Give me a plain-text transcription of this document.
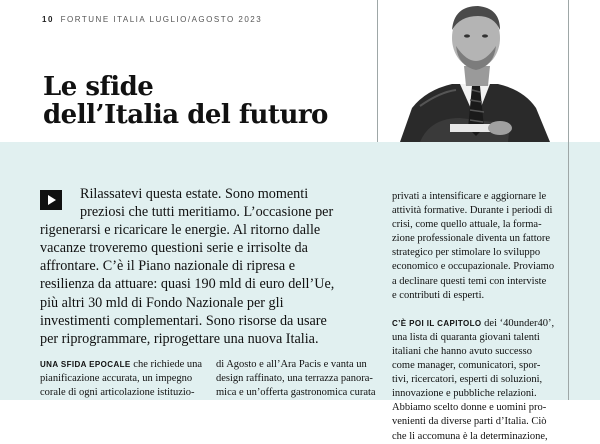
10 FORTUNE ITALIA LUGLIO/AGOSTO 2023
Le sfide
dell’Italia del futuro
Rilassatevi questa estate. Sono momenti
preziosi che tutti meritiamo. L’occasione per
rigenerarsi e ricaricare le energie. Al ritorno dalle
vacanze troveremo questioni serie e irrisolte da
affrontare. C’è il Piano nazionale di ripresa e
resilienza da attuare: quasi 190 mld di euro dell’Ue,
più altri 30 mld di Fondo Nazionale per gli
investimenti complementari. Sono risorse da usare
per riprogrammare, riprogettare una nuova Italia.
UNA SFIDA EPOCALE che richiede una
pianificazione accurata, un impegno
corale di ogni articolazione istituzio-
di Agosto e all’Ara Pacis e vanta un
design raffinato, una terrazza panora-
mica e un’offerta gastronomica curata
privati a intensificare e aggiornare le
attività formative. Durante i periodi di
crisi, come quello attuale, la forma-
zione professionale diventa un fattore
strategico per stimolare lo sviluppo
economico e occupazionale. Proviamo
a declinare questi temi con interviste
e contributi di esperti.
C’È POI IL CAPITOLO dei ‘40under40’,
una lista di quaranta giovani talenti
italiani che hanno avuto successo
come manager, comunicatori, spor-
tivi, ricercatori, esperti di soluzioni,
innovazione e pubbliche relazioni.
Abbiamo scelto donne e uomini pro-
venienti da diverse parti d’Italia. Ciò
che li accomuna è la determinazione,
